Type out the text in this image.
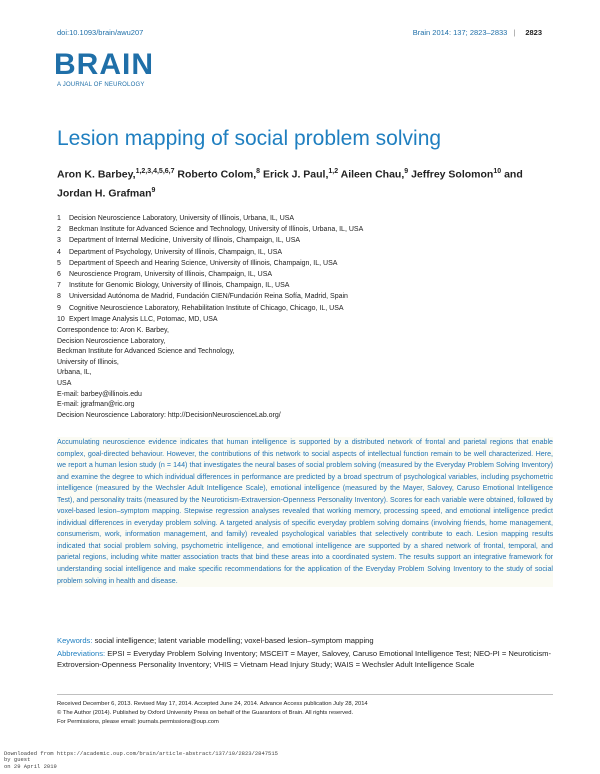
doi:10.1093/brain/awu207	Brain 2014: 137; 2823–2833 | 2823
BRAIN
A JOURNAL OF NEUROLOGY
Lesion mapping of social problem solving
Aron K. Barbey,$^{1,2,3,4,5,6,7}$ Roberto Colom,$^8$ Erick J. Paul,$^{1,2}$ Aileen Chau,$^9$ Jeffrey Solomon$^{10}$ and Jordan H. Grafman$^9$
1 Decision Neuroscience Laboratory, University of Illinois, Urbana, IL, USA
2 Beckman Institute for Advanced Science and Technology, University of Illinois, Urbana, IL, USA
3 Department of Internal Medicine, University of Illinois, Champaign, IL, USA
4 Department of Psychology, University of Illinois, Champaign, IL, USA
5 Department of Speech and Hearing Science, University of Illinois, Champaign, IL, USA
6 Neuroscience Program, University of Illinois, Champaign, IL, USA
7 Institute for Genomic Biology, University of Illinois, Champaign, IL, USA
8 Universidad Autónoma de Madrid, Fundación CIEN/Fundación Reina Sofía, Madrid, Spain
9 Cognitive Neuroscience Laboratory, Rehabilitation Institute of Chicago, Chicago, IL, USA
10 Expert Image Analysis LLC, Potomac, MD, USA
Correspondence to: Aron K. Barbey,
Decision Neuroscience Laboratory,
Beckman Institute for Advanced Science and Technology,
University of Illinois,
Urbana, IL,
USA
E-mail: barbey@illinois.edu
E-mail: jgrafman@ric.org
Decision Neuroscience Laboratory: http://DecisionNeuroscienceLab.org/
Accumulating neuroscience evidence indicates that human intelligence is supported by a distributed network of frontal and parietal regions that enable complex, goal-directed behaviour. However, the contributions of this network to social aspects of intellectual function remain to be well characterized. Here, we report a human lesion study (n = 144) that investigates the neural bases of social problem solving (measured by the Everyday Problem Solving Inventory) and examine the degree to which individual differences in performance are predicted by a broad spectrum of psychological variables, including psychometric intelligence (measured by the Wechsler Adult Intelligence Scale), emotional intelligence (measured by the Mayer, Salovey, Caruso Emotional Intelligence Test), and personality traits (measured by the Neuroticism-Extraversion-Openness Personality Inventory). Scores for each variable were obtained, followed by voxel-based lesion–symptom mapping. Stepwise regression analyses revealed that working memory, processing speed, and emotional intelligence predict individual differences in everyday problem solving. A targeted analysis of specific everyday problem solving domains (involving friends, home management, consumerism, work, information management, and family) revealed psychological variables that selectively contribute to each. Lesion mapping results indicated that social problem solving, psychometric intelligence, and emotional intelligence are supported by a shared network of frontal, temporal, and parietal regions, including white matter association tracts that bind these areas into a coordinated system. The results support an integrative framework for understanding social intelligence and make specific recommendations for the application of the Everyday Problem Solving Inventory to the study of social problem solving in health and disease.
Keywords: social intelligence; latent variable modelling; voxel-based lesion–symptom mapping
Abbreviations: EPSI = Everyday Problem Solving Inventory; MSCEIT = Mayer, Salovey, Caruso Emotional Intelligence Test; NEO-PI = Neuroticism-Extroversion-Openness Personality Inventory; VHIS = Vietnam Head Injury Study; WAIS = Wechsler Adult Intelligence Scale
Received December 6, 2013. Revised May 17, 2014. Accepted June 24, 2014. Advance Access publication July 28, 2014
© The Author (2014). Published by Oxford University Press on behalf of the Guarantors of Brain. All rights reserved.
For Permissions, please email: journals.permissions@oup.com
Downloaded from https://academic.oup.com/brain/article-abstract/137/10/2823/2847515
by guest
on 29 April 2019
